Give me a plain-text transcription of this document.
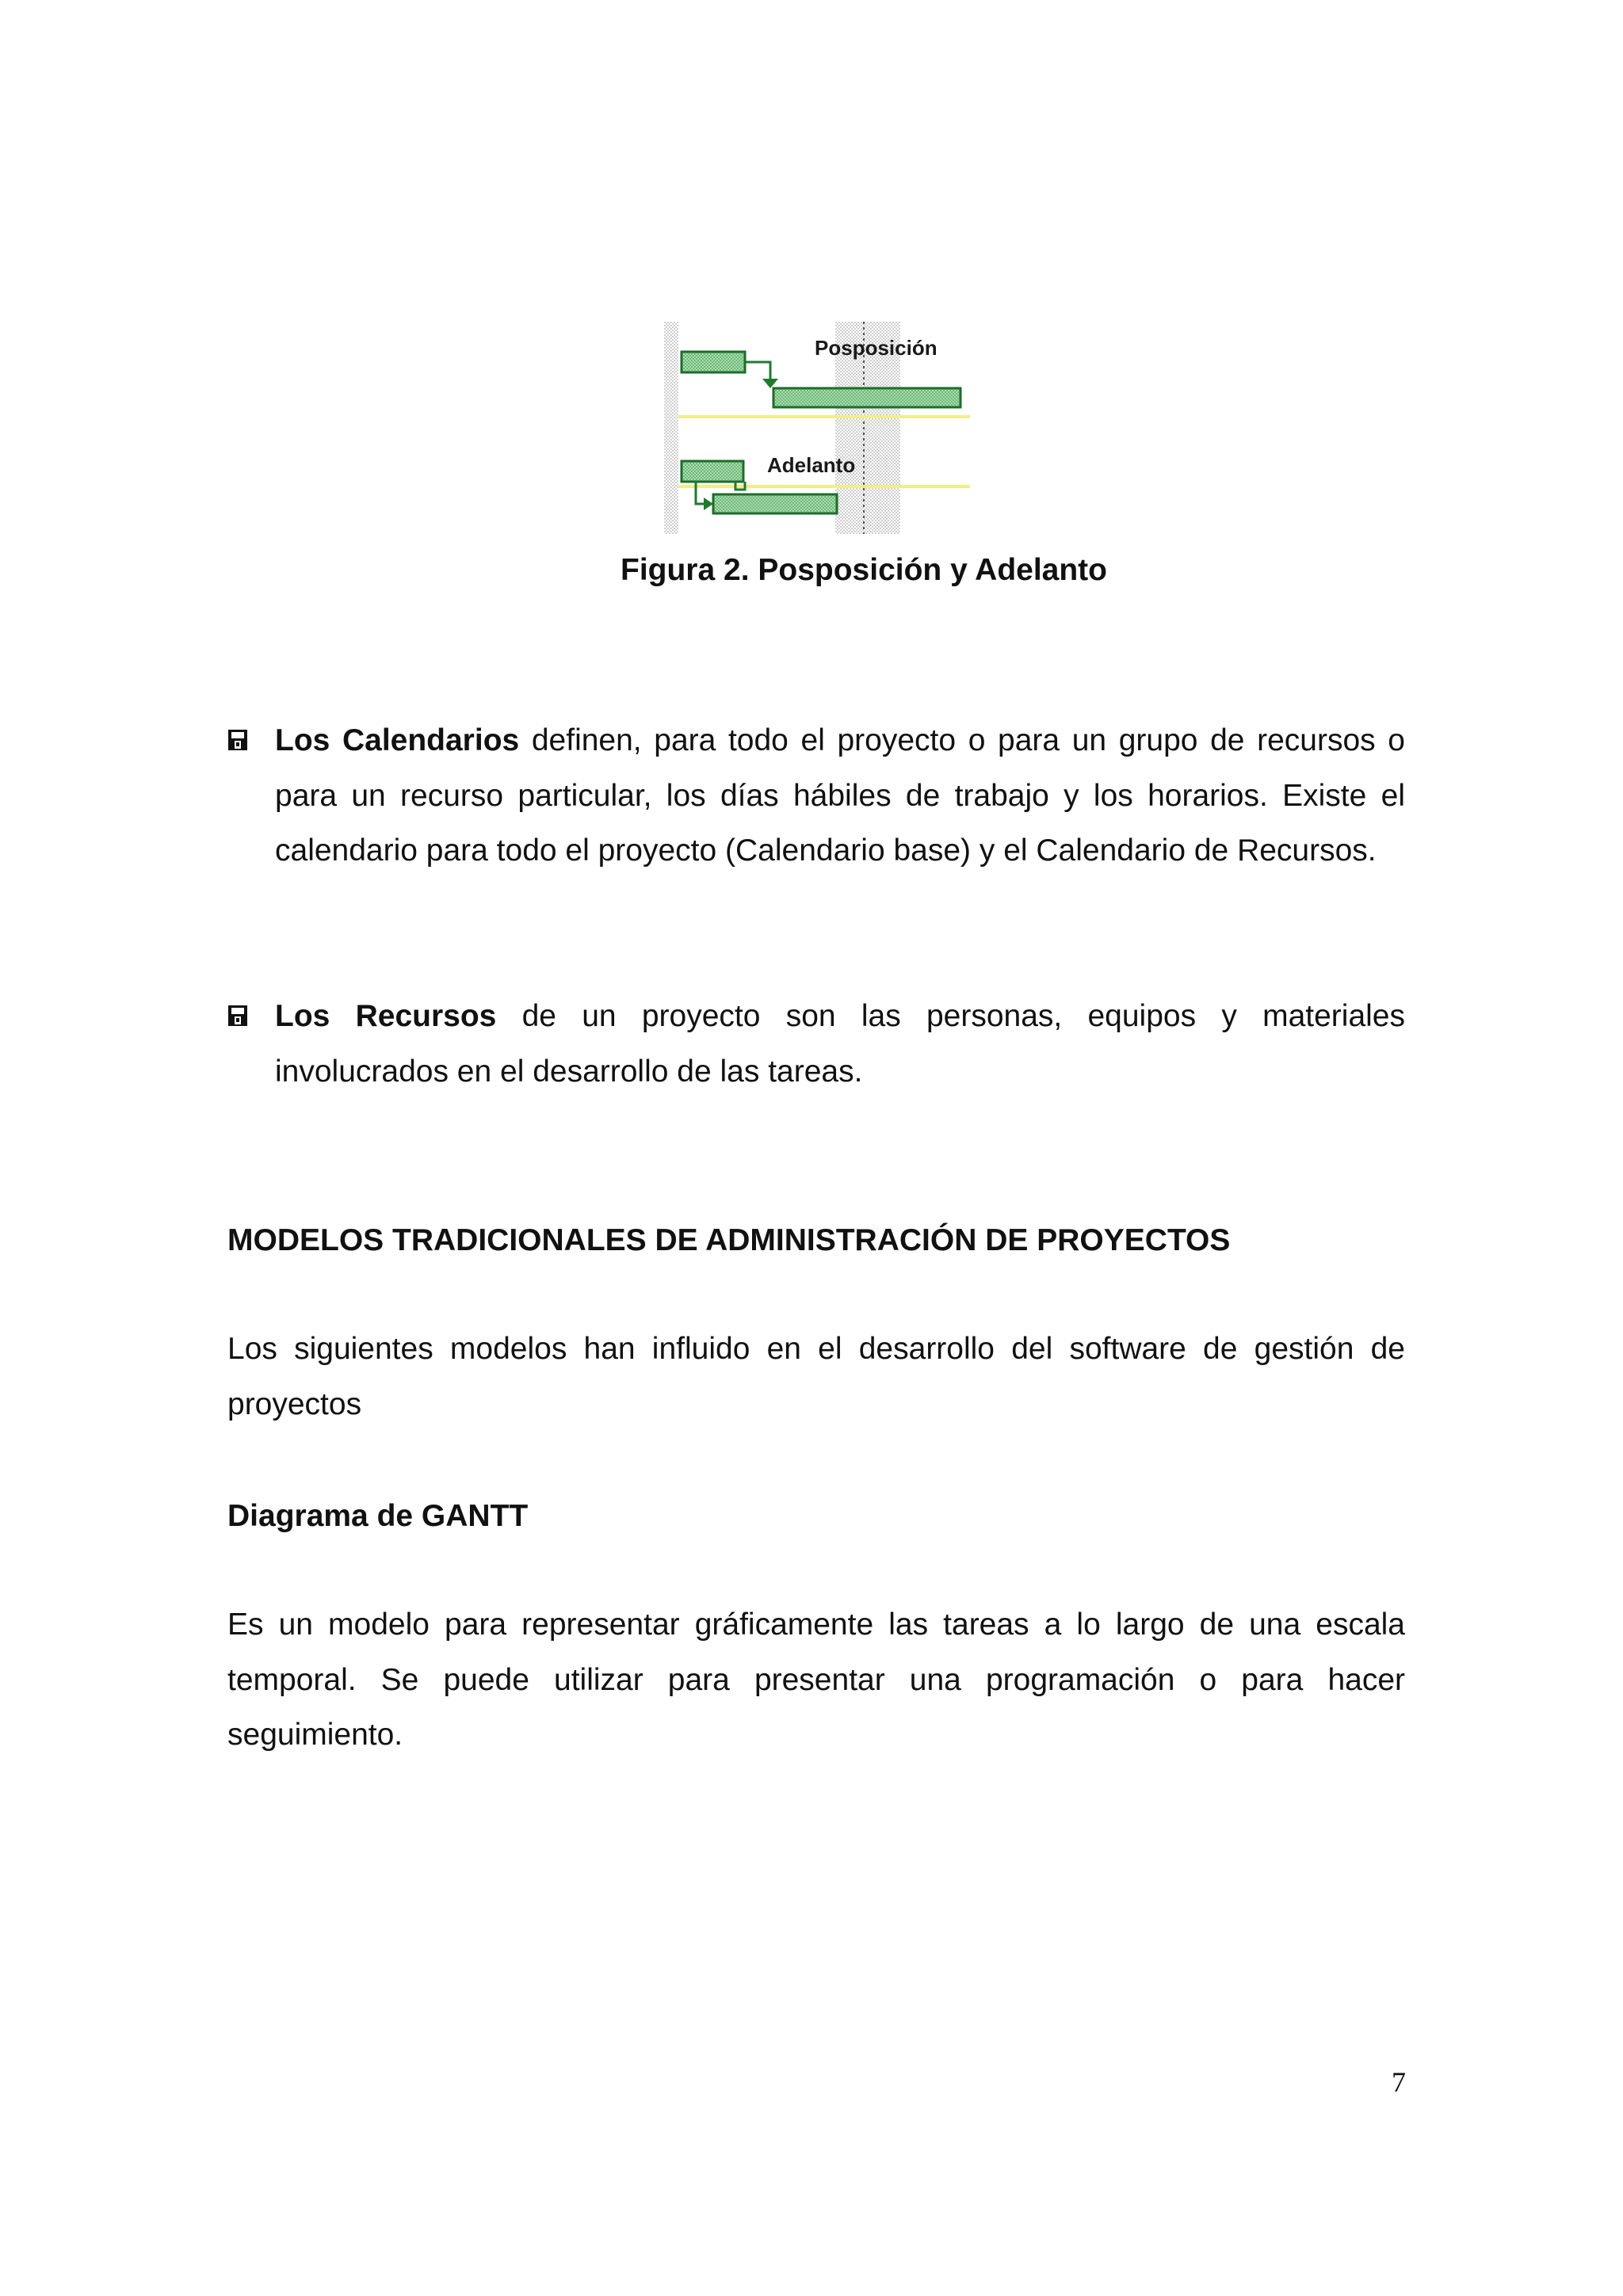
Posposición
Adelanto
Figura 2. Posposición y Adelanto

Los Calendarios definen, para todo el proyecto o para un grupo de recursos o para un recurso particular, los días hábiles de trabajo y los horarios. Existe el calendario para todo el proyecto (Calendario base) y el Calendario de Recursos.

Los Recursos de un proyecto son las personas, equipos y materiales involucrados en el desarrollo de las tareas.

MODELOS TRADICIONALES DE ADMINISTRACIÓN DE PROYECTOS

Los siguientes modelos han influido en el desarrollo del software de gestión de proyectos

Diagrama de GANTT

Es un modelo para representar gráficamente las tareas a lo largo de una escala temporal. Se puede utilizar para presentar una programación o para hacer seguimiento.

7
